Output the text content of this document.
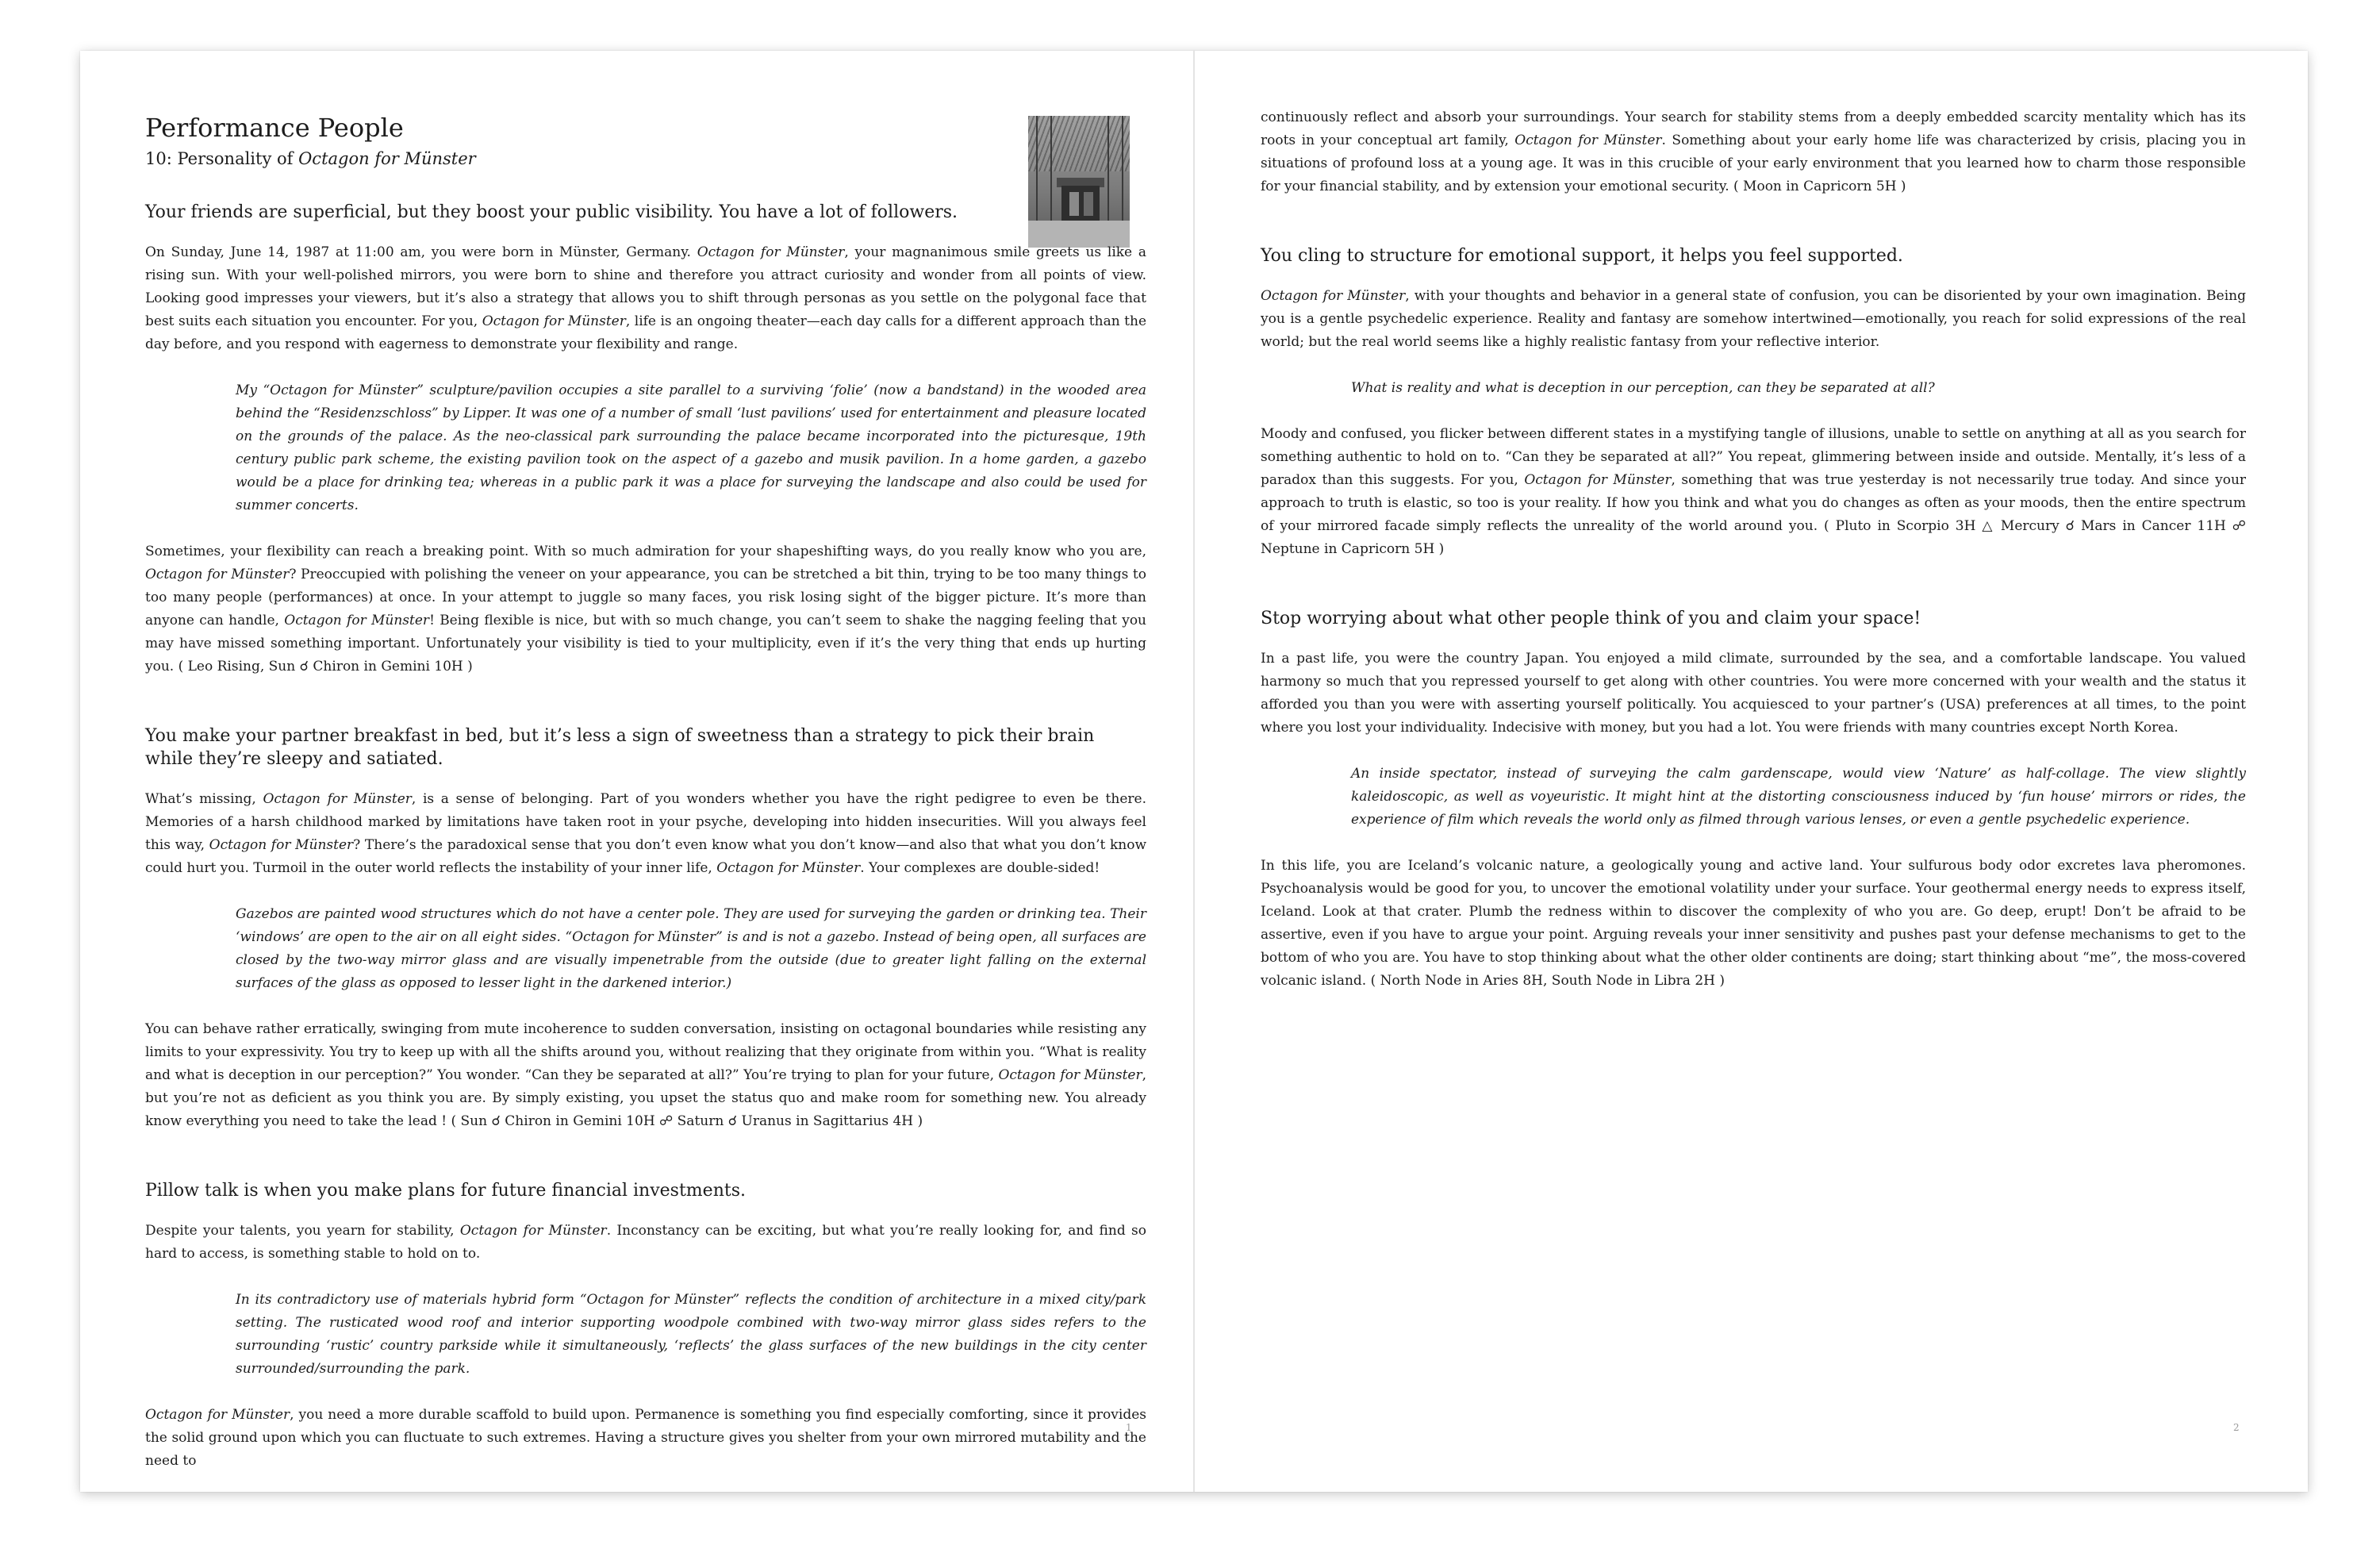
Performance People
10: Personality of Octagon for Münster
Your friends are superficial, but they boost your public visibility. You have a lot of followers.

On Sunday, June 14, 1987 at 11:00 am, you were born in Münster, Germany. Octagon for Münster, your magnanimous smile greets us like a rising sun. With your well-polished mirrors, you were born to shine and therefore you attract curiosity and wonder from all points of view. Looking good impresses your viewers, but it’s also a strategy that allows you to shift through personas as you settle on the polygonal face that best suits each situation you encounter. For you, Octagon for Münster, life is an ongoing theater—each day calls for a different approach than the day before, and you respond with eagerness to demonstrate your flexibility and range.

My “Octagon for Münster” sculpture/pavilion occupies a site parallel to a surviving ‘folie’ (now a bandstand) in the wooded area behind the “Residenzschloss” by Lipper. It was one of a number of small ‘lust pavilions’ used for entertainment and pleasure located on the grounds of the palace. As the neo-classical park surrounding the palace became incorporated into the picturesque, 19th century public park scheme, the existing pavilion took on the aspect of a gazebo and musik pavilion. In a home garden, a gazebo would be a place for drinking tea; whereas in a public park it was a place for surveying the landscape and also could be used for summer concerts.

Sometimes, your flexibility can reach a breaking point. With so much admiration for your shapeshifting ways, do you really know who you are, Octagon for Münster? Preoccupied with polishing the veneer on your appearance, you can be stretched a bit thin, trying to be too many things to too many people (performances) at once. In your attempt to juggle so many faces, you risk losing sight of the bigger picture. It’s more than anyone can handle, Octagon for Münster! Being flexible is nice, but with so much change, you can’t seem to shake the nagging feeling that you may have missed something important. Unfortunately your visibility is tied to your multiplicity, even if it’s the very thing that ends up hurting you. ( Leo Rising, Sun ☌ Chiron in Gemini 10H )

You make your partner breakfast in bed, but it’s less a sign of sweetness than a strategy to pick their brain while they’re sleepy and satiated.

What’s missing, Octagon for Münster, is a sense of belonging. Part of you wonders whether you have the right pedigree to even be there. Memories of a harsh childhood marked by limitations have taken root in your psyche, developing into hidden insecurities. Will you always feel this way, Octagon for Münster? There’s the paradoxical sense that you don’t even know what you don’t know—and also that what you don’t know could hurt you. Turmoil in the outer world reflects the instability of your inner life, Octagon for Münster. Your complexes are double-sided!

Gazebos are painted wood structures which do not have a center pole. They are used for surveying the garden or drinking tea. Their ‘windows’ are open to the air on all eight sides. “Octagon for Münster” is and is not a gazebo. Instead of being open, all surfaces are closed by the two-way mirror glass and are visually impenetrable from the outside (due to greater light falling on the external surfaces of the glass as opposed to lesser light in the darkened interior.)

You can behave rather erratically, swinging from mute incoherence to sudden conversation, insisting on octagonal boundaries while resisting any limits to your expressivity. You try to keep up with all the shifts around you, without realizing that they originate from within you. “What is reality and what is deception in our perception?” You wonder. “Can they be separated at all?” You’re trying to plan for your future, Octagon for Münster, but you’re not as deficient as you think you are. By simply existing, you upset the status quo and make room for something new. You already know everything you need to take the lead ! ( Sun ☌ Chiron in Gemini 10H ☍ Saturn ☌ Uranus in Sagittarius 4H )

Pillow talk is when you make plans for future financial investments.

Despite your talents, you yearn for stability, Octagon for Münster. Inconstancy can be exciting, but what you’re really looking for, and find so hard to access, is something stable to hold on to.

In its contradictory use of materials hybrid form “Octagon for Münster” reflects the condition of architecture in a mixed city/park setting. The rusticated wood roof and interior supporting woodpole combined with two-way mirror glass sides refers to the surrounding ‘rustic’ country parkside while it simultaneously, ‘reflects’ the glass surfaces of the new buildings in the city center surrounded/surrounding the park.

Octagon for Münster, you need a more durable scaffold to build upon. Permanence is something you find especially comforting, since it provides the solid ground upon which you can fluctuate to such extremes. Having a structure gives you shelter from your own mirrored mutability and the need to

1

continuously reflect and absorb your surroundings. Your search for stability stems from a deeply embedded scarcity mentality which has its roots in your conceptual art family, Octagon for Münster. Something about your early home life was characterized by crisis, placing you in situations of profound loss at a young age. It was in this crucible of your early environment that you learned how to charm those responsible for your financial stability, and by extension your emotional security. ( Moon in Capricorn 5H )

You cling to structure for emotional support, it helps you feel supported.

Octagon for Münster, with your thoughts and behavior in a general state of confusion, you can be disoriented by your own imagination. Being you is a gentle psychedelic experience. Reality and fantasy are somehow intertwined—emotionally, you reach for solid expressions of the real world; but the real world seems like a highly realistic fantasy from your reflective interior.

What is reality and what is deception in our perception, can they be separated at all?

Moody and confused, you flicker between different states in a mystifying tangle of illusions, unable to settle on anything at all as you search for something authentic to hold on to. “Can they be separated at all?” You repeat, glimmering between inside and outside. Mentally, it’s less of a paradox than this suggests. For you, Octagon for Münster, something that was true yesterday is not necessarily true today. And since your approach to truth is elastic, so too is your reality. If how you think and what you do changes as often as your moods, then the entire spectrum of your mirrored facade simply reflects the unreality of the world around you. ( Pluto in Scorpio 3H △ Mercury ☌ Mars in Cancer 11H ☍ Neptune in Capricorn 5H )

Stop worrying about what other people think of you and claim your space!

In a past life, you were the country Japan. You enjoyed a mild climate, surrounded by the sea, and a comfortable landscape. You valued harmony so much that you repressed yourself to get along with other countries. You were more concerned with your wealth and the status it afforded you than you were with asserting yourself politically. You acquiesced to your partner’s (USA) preferences at all times, to the point where you lost your individuality. Indecisive with money, but you had a lot. You were friends with many countries except North Korea.

An inside spectator, instead of surveying the calm gardenscape, would view ‘Nature’ as half-collage. The view slightly kaleidoscopic, as well as voyeuristic. It might hint at the distorting consciousness induced by ‘fun house’ mirrors or rides, the experience of film which reveals the world only as filmed through various lenses, or even a gentle psychedelic experience.

In this life, you are Iceland’s volcanic nature, a geologically young and active land. Your sulfurous body odor excretes lava pheromones. Psychoanalysis would be good for you, to uncover the emotional volatility under your surface. Your geothermal energy needs to express itself, Iceland. Look at that crater. Plumb the redness within to discover the complexity of who you are. Go deep, erupt! Don’t be afraid to be assertive, even if you have to argue your point. Arguing reveals your inner sensitivity and pushes past your defense mechanisms to get to the bottom of who you are. You have to stop thinking about what the other older continents are doing; start thinking about “me”, the moss-covered volcanic island. ( North Node in Aries 8H, South Node in Libra 2H )

2
